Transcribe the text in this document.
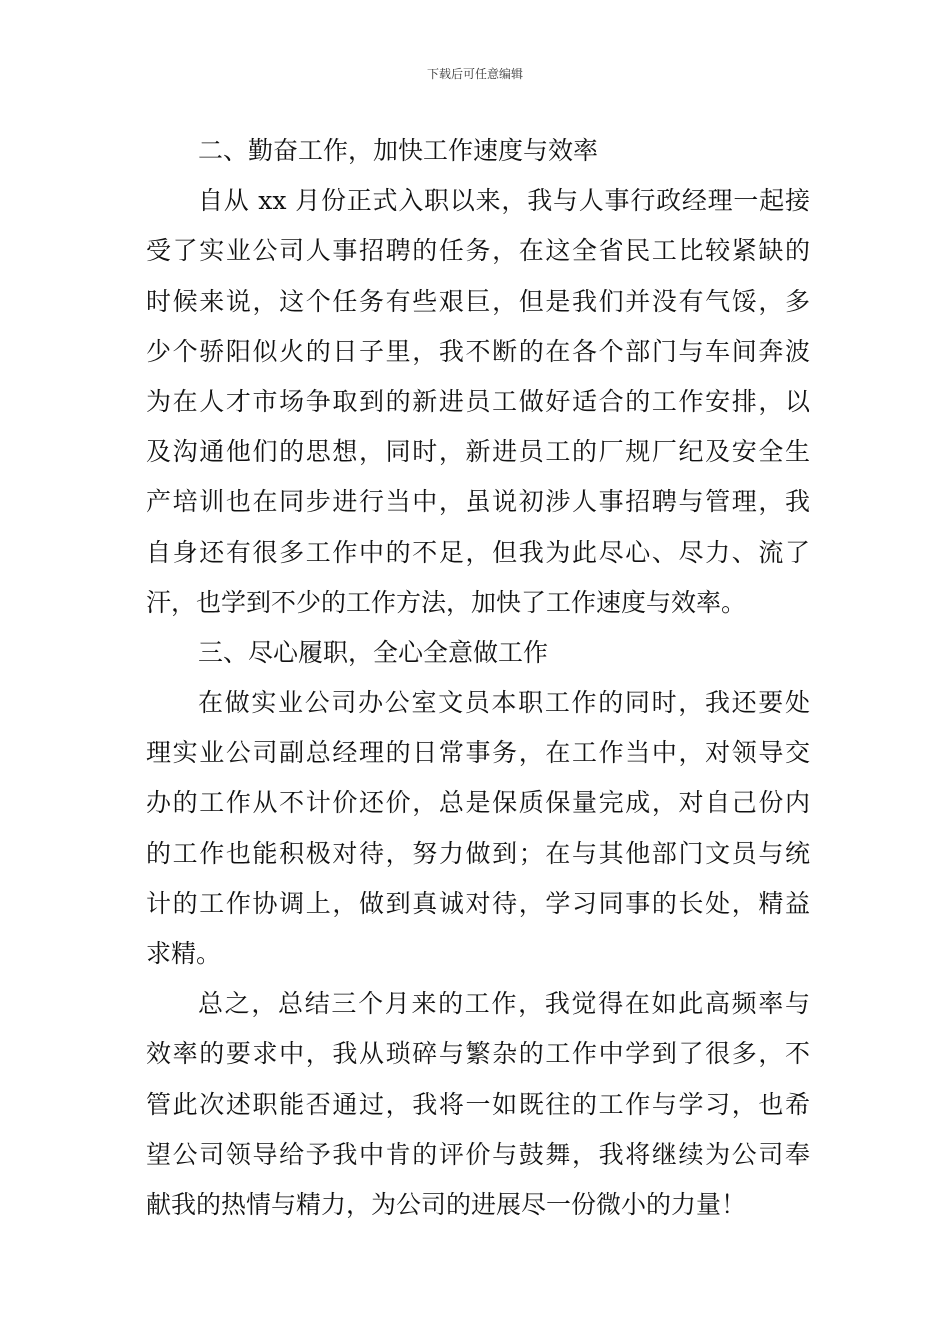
下载后可任意编辑
二、勤奋工作，加快工作速度与效率
自从 xx 月份正式入职以来，我与人事行政经理一起接
受了实业公司人事招聘的任务，在这全省民工比较紧缺的
时候来说，这个任务有些艰巨，但是我们并没有气馁，多
少个骄阳似火的日子里，我不断的在各个部门与车间奔波
为在人才市场争取到的新进员工做好适合的工作安排，以
及沟通他们的思想，同时，新进员工的厂规厂纪及安全生
产培训也在同步进行当中，虽说初涉人事招聘与管理，我
自身还有很多工作中的不足，但我为此尽心、尽力、流了
汗，也学到不少的工作方法，加快了工作速度与效率。
三、尽心履职，全心全意做工作
在做实业公司办公室文员本职工作的同时，我还要处
理实业公司副总经理的日常事务，在工作当中，对领导交
办的工作从不计价还价，总是保质保量完成，对自己份内
的工作也能积极对待，努力做到；在与其他部门文员与统
计的工作协调上，做到真诚对待，学习同事的长处，精益
求精。
总之，总结三个月来的工作，我觉得在如此高频率与
效率的要求中，我从琐碎与繁杂的工作中学到了很多，不
管此次述职能否通过，我将一如既往的工作与学习，也希
望公司领导给予我中肯的评价与鼓舞，我将继续为公司奉
献我的热情与精力，为公司的进展尽一份微小的力量！
